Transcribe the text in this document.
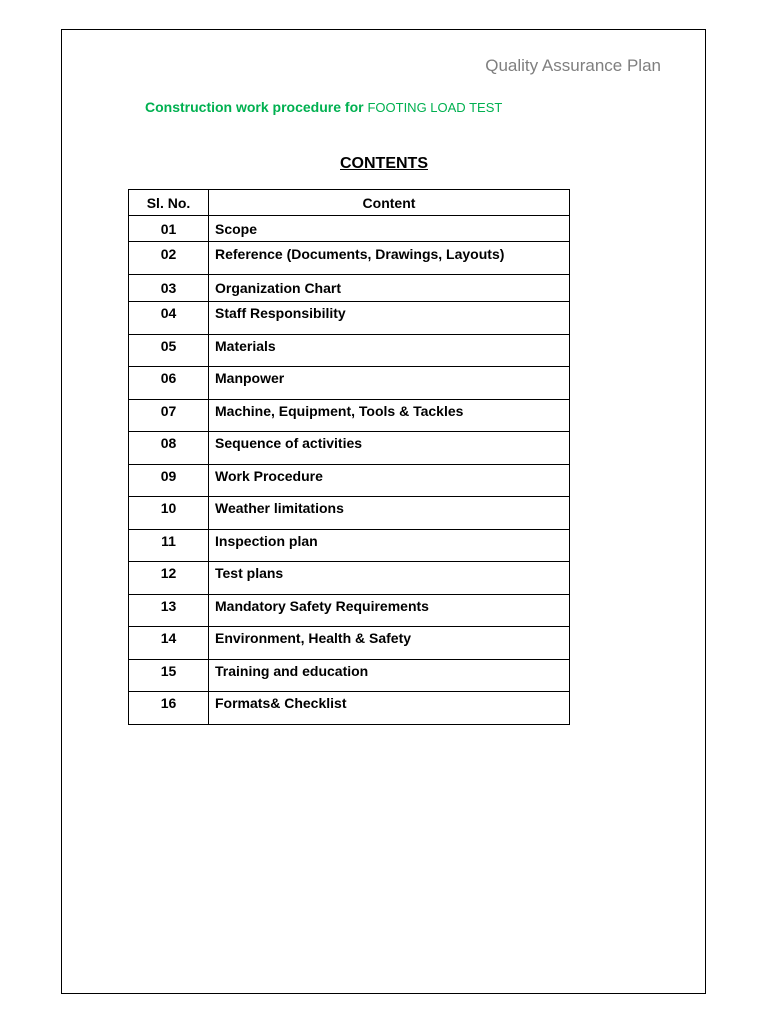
Quality Assurance Plan
Construction work procedure for FOOTING LOAD TEST
CONTENTS
Sl. No.	Content
01	Scope
02	Reference (Documents, Drawings, Layouts)
03	Organization Chart
04	Staff Responsibility
05	Materials
06	Manpower
07	Machine, Equipment, Tools & Tackles
08	Sequence of activities
09	Work Procedure
10	Weather limitations
11	Inspection plan
12	Test plans
13	Mandatory Safety Requirements
14	Environment, Health & Safety
15	Training and education
16	Formats& Checklist
